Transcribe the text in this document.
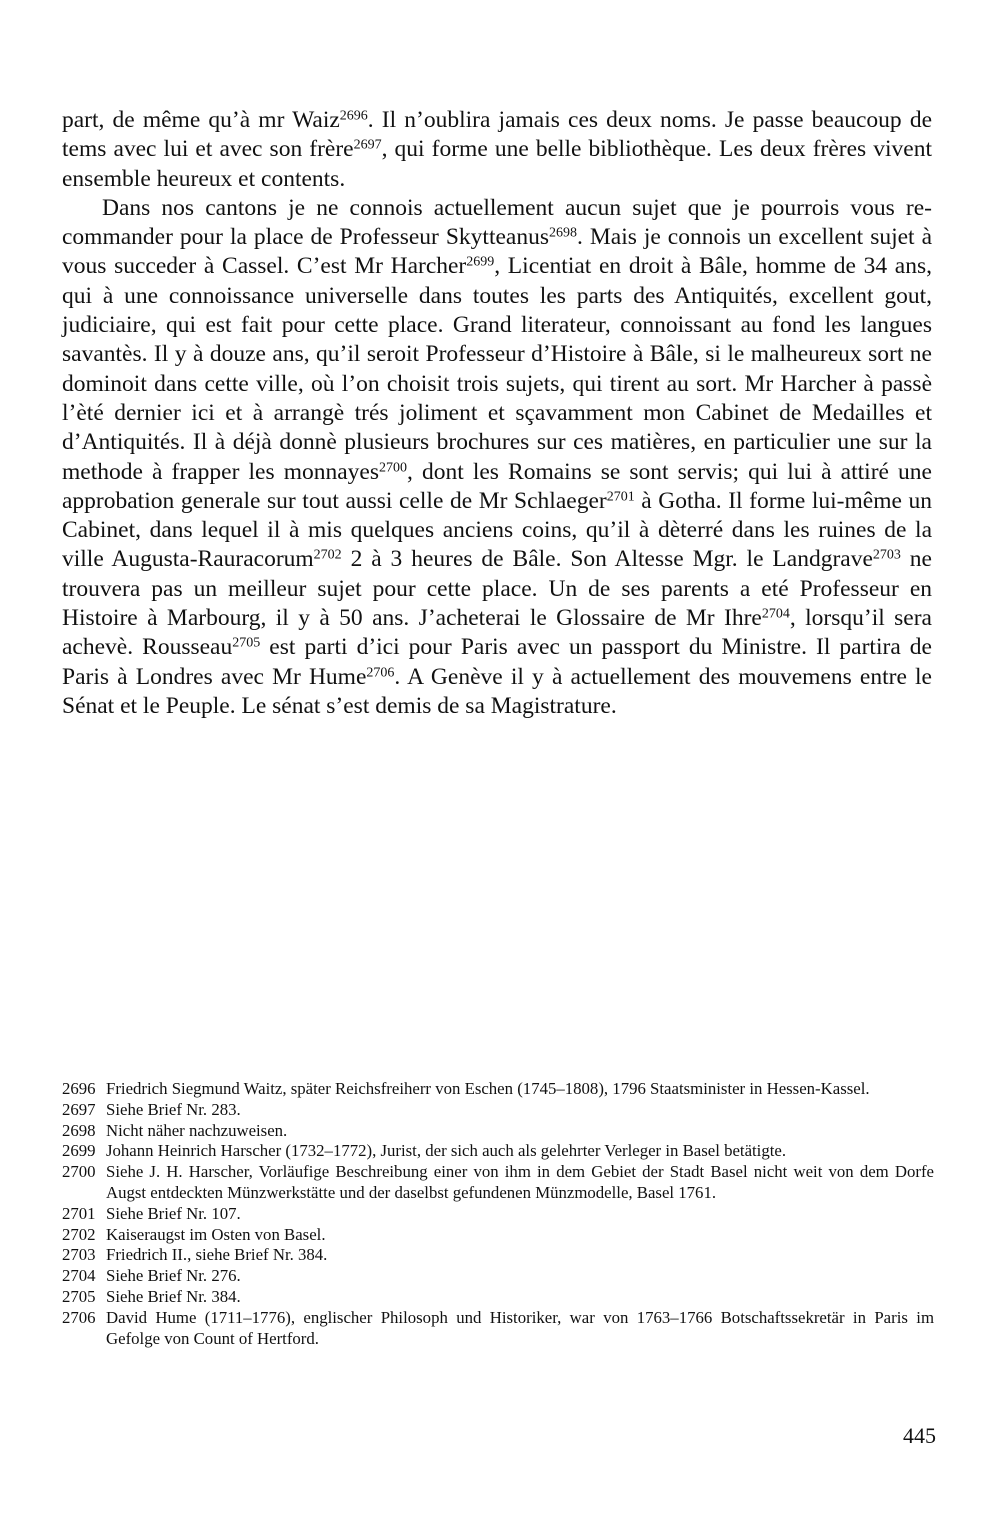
part, de même qu’à mr Waiz$^{2696}$. Il n’oublira jamais ces deux noms. Je passe beaucoup de tems avec lui et avec son frère$^{2697}$, qui forme une belle bibliothèque. Les deux frères vivent ensemble heureux et contents.

Dans nos cantons je ne connois actuellement aucun sujet que je pourrois vous recommander pour la place de Professeur Skytteanus$^{2698}$. Mais je connois un excellent sujet à vous succeder à Cassel. C’est Mr Harcher$^{2699}$, Licentiat en droit à Bâle, homme de 34 ans, qui à une connoissance universelle dans toutes les parts des Antiquités, excellent gout, judiciaire, qui est fait pour cette place. Grand literateur, connoissant au fond les langues savantès. Il y à douze ans, qu’il seroit Professeur d’Histoire à Bâle, si le malheureux sort ne dominoit dans cette ville, où l’on choisit trois sujets, qui tirent au sort. Mr Harcher à passè l’èté dernier ici et à arrangè trés joliment et sçavamment mon Cabinet de Medailles et d’Antiquités. Il à déjà donnè plusieurs brochures sur ces matières, en particulier une sur la methode à frapper les monnayes$^{2700}$, dont les Romains se sont servis; qui lui à attiré une approbation generale sur tout aussi celle de Mr Schlaeger$^{2701}$ à Gotha. Il forme lui-même un Cabinet, dans lequel il à mis quelques anciens coins, qu’il à dèterré dans les ruines de la ville Augusta-Rauracorum$^{2702}$ 2 à 3 heures de Bâle. Son Altesse Mgr. le Landgrave$^{2703}$ ne trouvera pas un meilleur sujet pour cette place. Un de ses parents a eté Professeur en Histoire à Marbourg, il y à 50 ans. J’acheterai le Glossaire de Mr Ihre$^{2704}$, lorsqu’il sera achevè. Rousseau$^{2705}$ est parti d’ici pour Paris avec un passport du Ministre. Il partira de Paris à Londres avec Mr Hume$^{2706}$. A Genève il y à actuellement des mouvemens entre le Sénat et le Peuple. Le sénat s’est demis de sa Magistrature.

2696 Friedrich Siegmund Waitz, später Reichsfreiherr von Eschen (1745–1808), 1796 Staatsminister in Hessen-Kassel.
2697 Siehe Brief Nr. 283.
2698 Nicht näher nachzuweisen.
2699 Johann Heinrich Harscher (1732–1772), Jurist, der sich auch als gelehrter Verleger in Basel betätigte.
2700 Siehe J. H. Harscher, Vorläufige Beschreibung einer von ihm in dem Gebiet der Stadt Basel nicht weit von dem Dorfe Augst entdeckten Münzwerkstätte und der daselbst gefundenen Münzmodelle, Basel 1761.
2701 Siehe Brief Nr. 107.
2702 Kaiseraugst im Osten von Basel.
2703 Friedrich II., siehe Brief Nr. 384.
2704 Siehe Brief Nr. 276.
2705 Siehe Brief Nr. 384.
2706 David Hume (1711–1776), englischer Philosoph und Historiker, war von 1763–1766 Botschaftssekretär in Paris im Gefolge von Count of Hertford.
445
